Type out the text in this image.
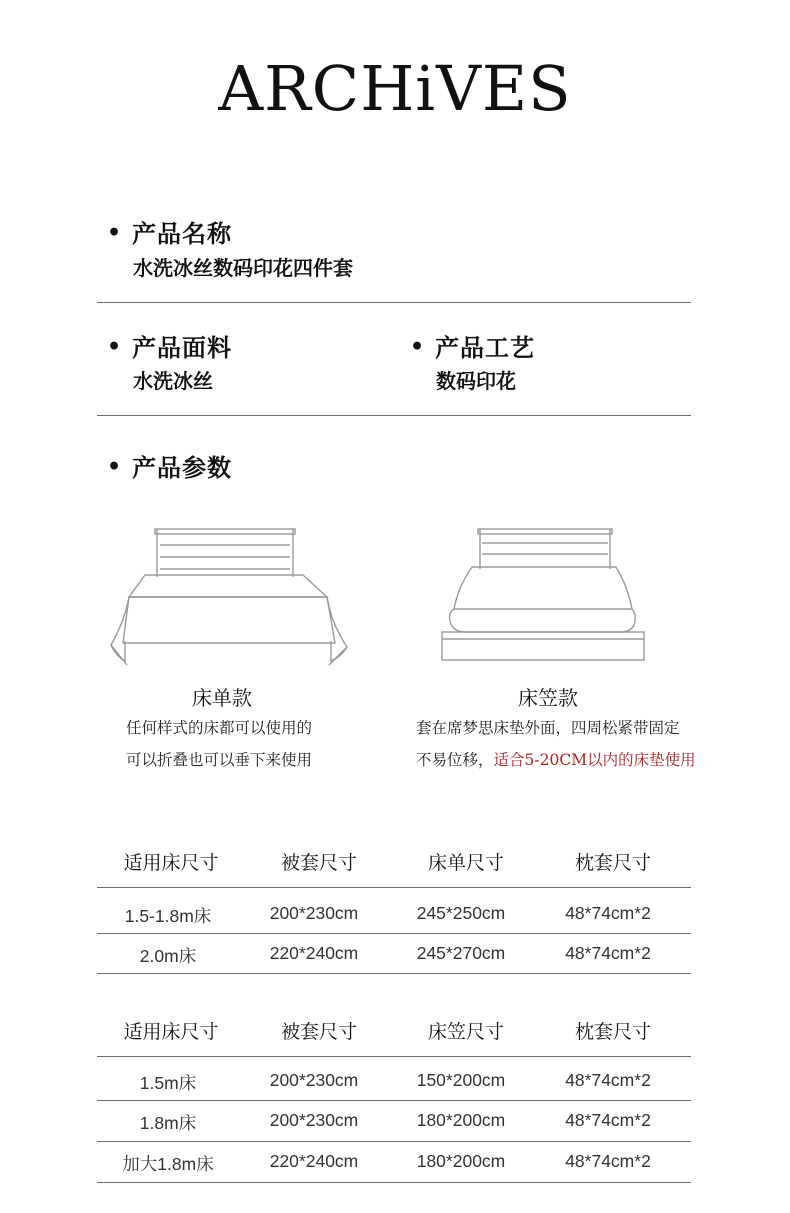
ARCHiVES
• 产品名称
水洗冰丝数码印花四件套
• 产品面料
水洗冰丝
• 产品工艺
数码印花
• 产品参数
床单款
任何样式的床都可以使用的
可以折叠也可以垂下来使用
床笠款
套在席梦思床垫外面，四周松紧带固定
不易位移，适合5-20CM以内的床垫使用
适用床尺寸	被套尺寸	床单尺寸	枕套尺寸
1.5-1.8m床	200*230cm	245*250cm	48*74cm*2
2.0m床	220*240cm	245*270cm	48*74cm*2
适用床尺寸	被套尺寸	床笠尺寸	枕套尺寸
1.5m床	200*230cm	150*200cm	48*74cm*2
1.8m床	200*230cm	180*200cm	48*74cm*2
加大1.8m床	220*240cm	180*200cm	48*74cm*2
